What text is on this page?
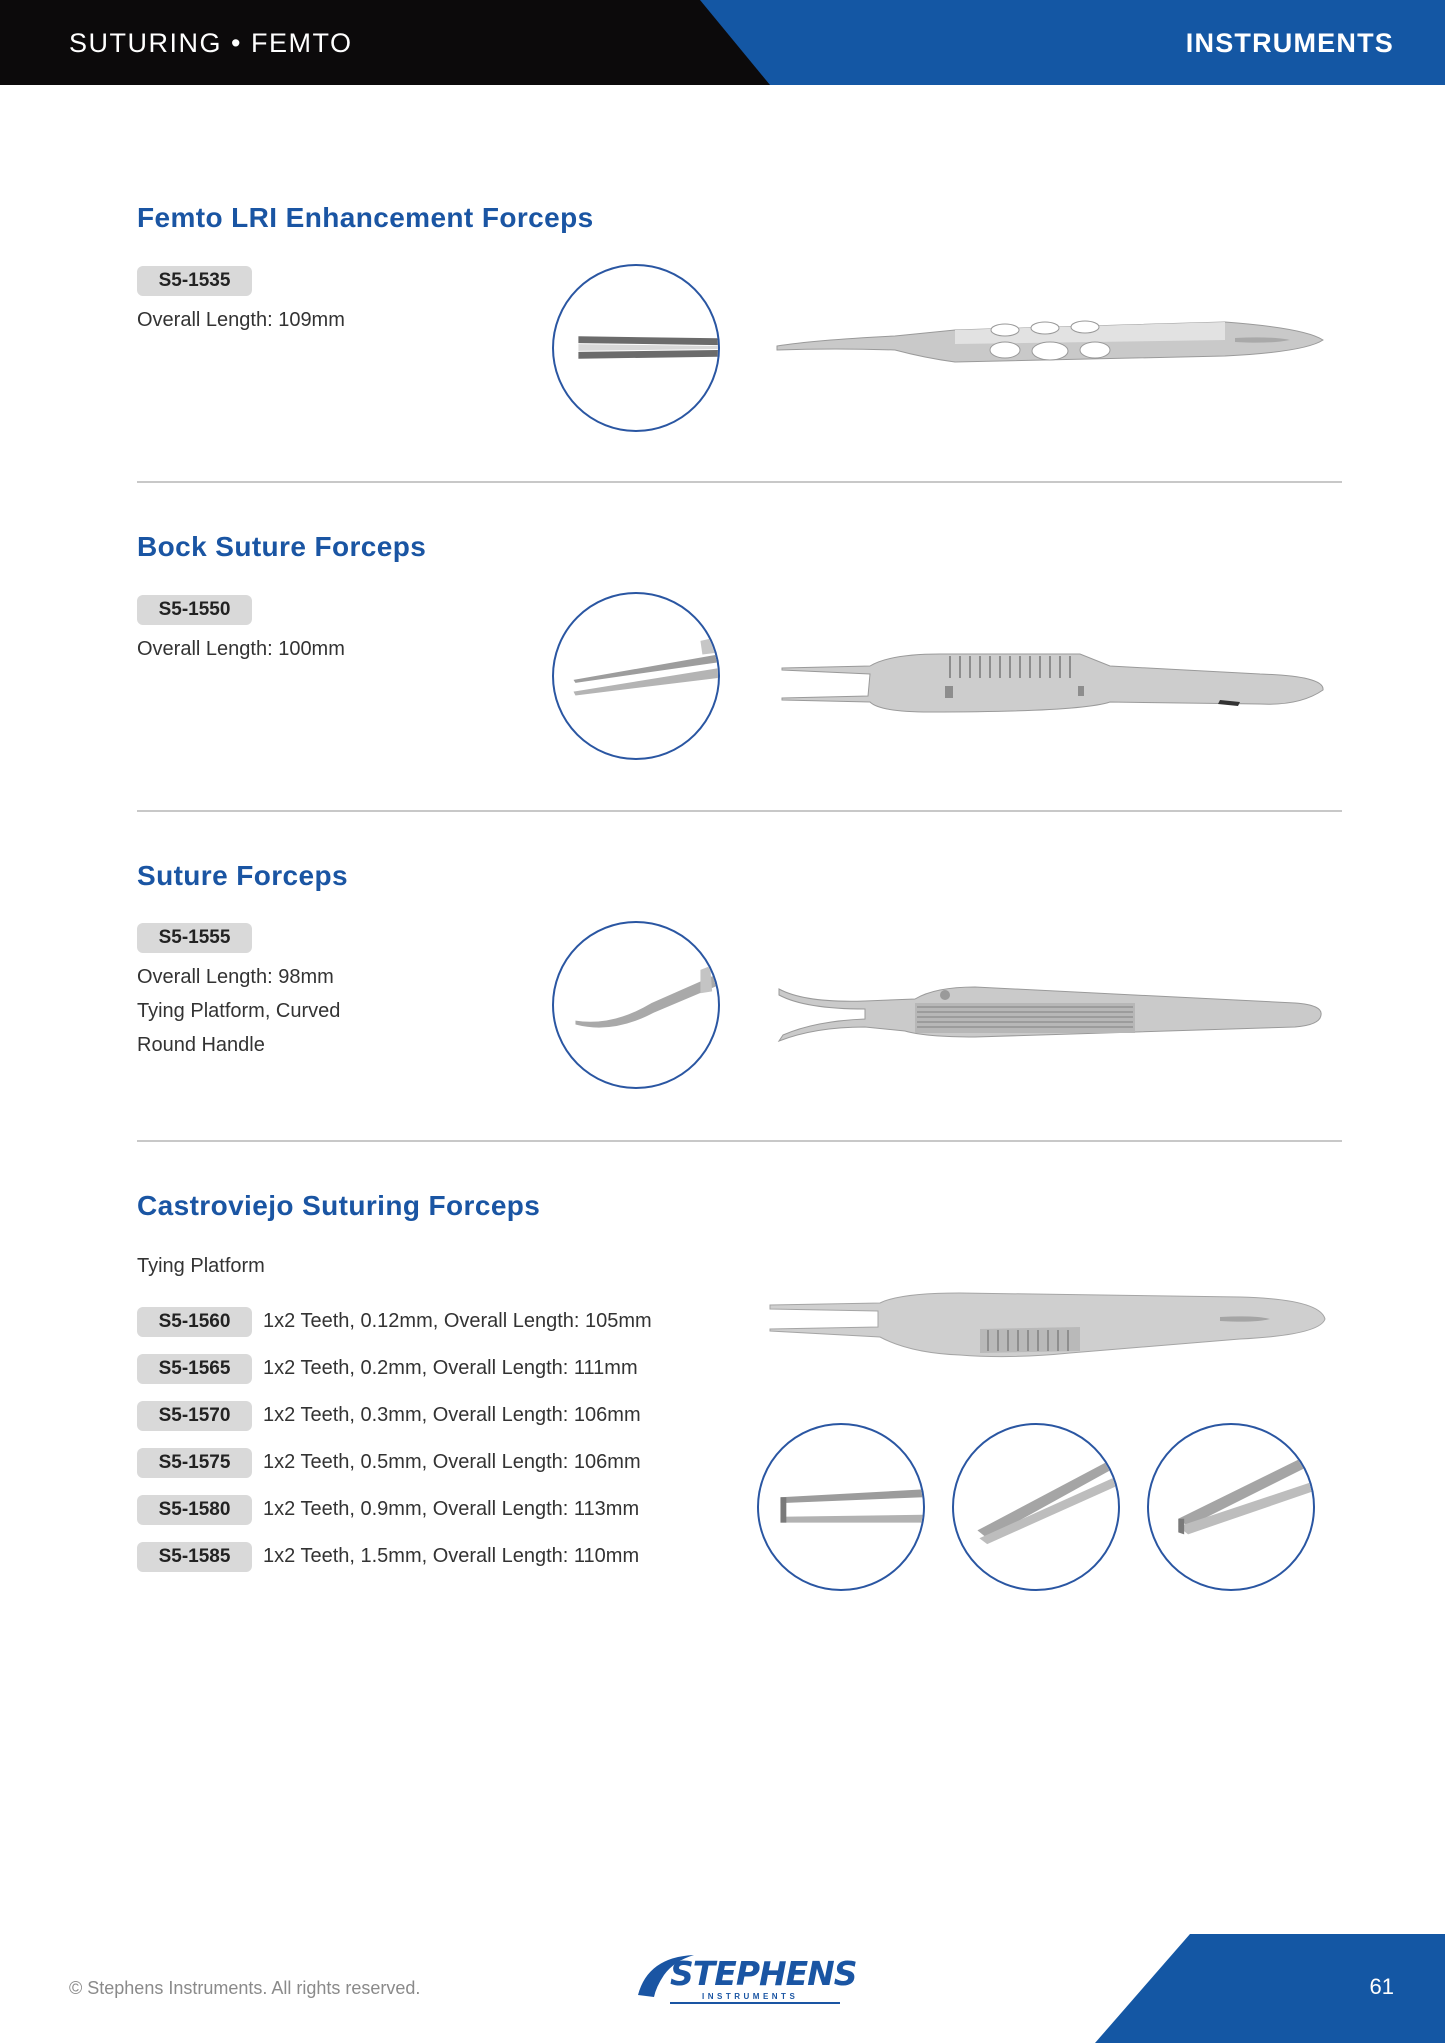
SUTURING • FEMTO	INSTRUMENTS
Femto LRI Enhancement Forceps
S5-1535
Overall Length: 109mm
Bock Suture Forceps
S5-1550
Overall Length: 100mm
Suture Forceps
S5-1555
Overall Length: 98mm
Tying Platform, Curved
Round Handle
Castroviejo Suturing Forceps
Tying Platform
S5-1560	1x2 Teeth, 0.12mm, Overall Length: 105mm
S5-1565	1x2 Teeth, 0.2mm, Overall Length: 111mm
S5-1570	1x2 Teeth, 0.3mm, Overall Length: 106mm
S5-1575	1x2 Teeth, 0.5mm, Overall Length: 106mm
S5-1580	1x2 Teeth, 0.9mm, Overall Length: 113mm
S5-1585	1x2 Teeth, 1.5mm, Overall Length: 110mm
© Stephens Instruments. All rights reserved.	STEPHENS
INSTRUMENTS	61
